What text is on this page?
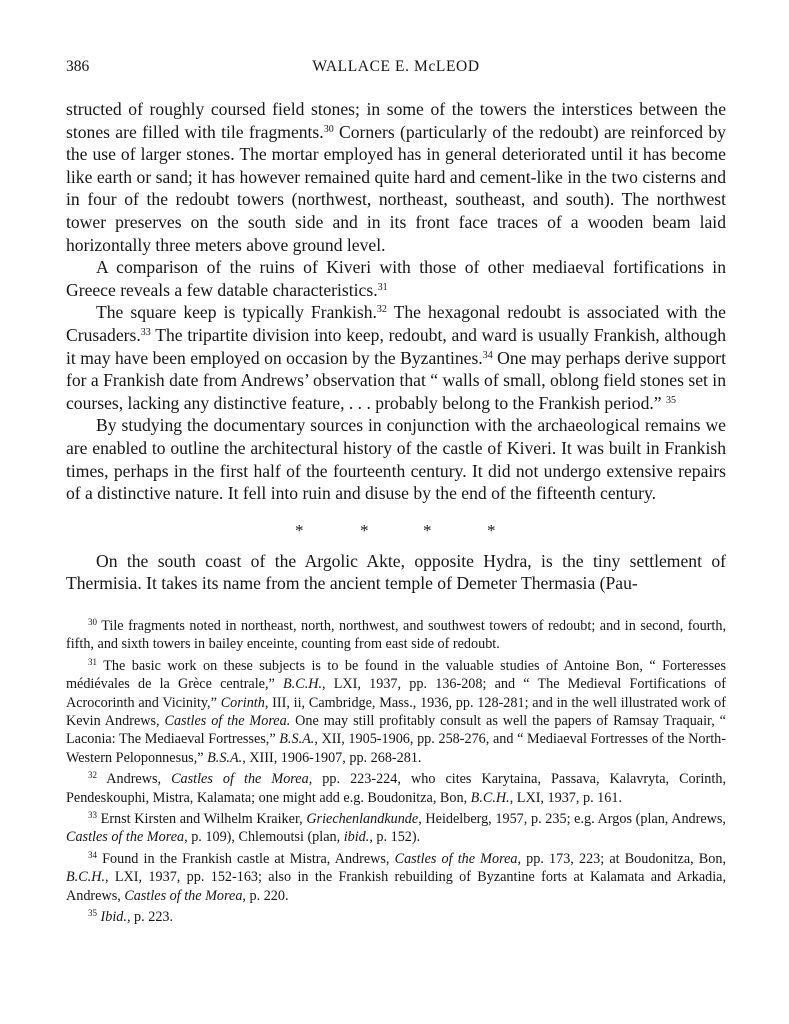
386	WALLACE E. McLEOD

structed of roughly coursed field stones; in some of the towers the interstices between the stones are filled with tile fragments.$^{30}$ Corners (particularly of the redoubt) are reinforced by the use of larger stones. The mortar employed has in general deteriorated until it has become like earth or sand; it has however remained quite hard and cement-like in the two cisterns and in four of the redoubt towers (northwest, northeast, southeast, and south). The northwest tower preserves on the south side and in its front face traces of a wooden beam laid horizontally three meters above ground level.

A comparison of the ruins of Kiveri with those of other mediaeval fortifications in Greece reveals a few datable characteristics.$^{31}$

The square keep is typically Frankish.$^{32}$ The hexagonal redoubt is associated with the Crusaders.$^{33}$ The tripartite division into keep, redoubt, and ward is usually Frankish, although it may have been employed on occasion by the Byzantines.$^{34}$ One may perhaps derive support for a Frankish date from Andrews’ observation that “ walls of small, oblong field stones set in courses, lacking any distinctive feature, . . . probably belong to the Frankish period.” $^{35}$

By studying the documentary sources in conjunction with the archaeological remains we are enabled to outline the architectural history of the castle of Kiveri. It was built in Frankish times, perhaps in the first half of the fourteenth century. It did not undergo extensive repairs of a distinctive nature. It fell into ruin and disuse by the end of the fifteenth century.

*	*	*	*

On the south coast of the Argolic Akte, opposite Hydra, is the tiny settlement of Thermisia. It takes its name from the ancient temple of Demeter Thermasia (Pau-

$^{30}$ Tile fragments noted in northeast, north, northwest, and southwest towers of redoubt; and in second, fourth, fifth, and sixth towers in bailey enceinte, counting from east side of redoubt.

$^{31}$ The basic work on these subjects is to be found in the valuable studies of Antoine Bon, “ Forteresses médiévales de la Grèce centrale,” B.C.H., LXI, 1937, pp. 136-208; and “ The Medieval Fortifications of Acrocorinth and Vicinity,” Corinth, III, ii, Cambridge, Mass., 1936, pp. 128-281; and in the well illustrated work of Kevin Andrews, Castles of the Morea. One may still profitably consult as well the papers of Ramsay Traquair, “ Laconia: The Mediaeval Fortresses,” B.S.A., XII, 1905-1906, pp. 258-276, and “ Mediaeval Fortresses of the North-Western Peloponnesus,” B.S.A., XIII, 1906-1907, pp. 268-281.

$^{32}$ Andrews, Castles of the Morea, pp. 223-224, who cites Karytaina, Passava, Kalavryta, Corinth, Pendeskouphi, Mistra, Kalamata; one might add e.g. Boudonitza, Bon, B.C.H., LXI, 1937, p. 161.

$^{33}$ Ernst Kirsten and Wilhelm Kraiker, Griechenlandkunde, Heidelberg, 1957, p. 235; e.g. Argos (plan, Andrews, Castles of the Morea, p. 109), Chlemoutsi (plan, ibid., p. 152).

$^{34}$ Found in the Frankish castle at Mistra, Andrews, Castles of the Morea, pp. 173, 223; at Boudonitza, Bon, B.C.H., LXI, 1937, pp. 152-163; also in the Frankish rebuilding of Byzantine forts at Kalamata and Arkadia, Andrews, Castles of the Morea, p. 220.

$^{35}$ Ibid., p. 223.
